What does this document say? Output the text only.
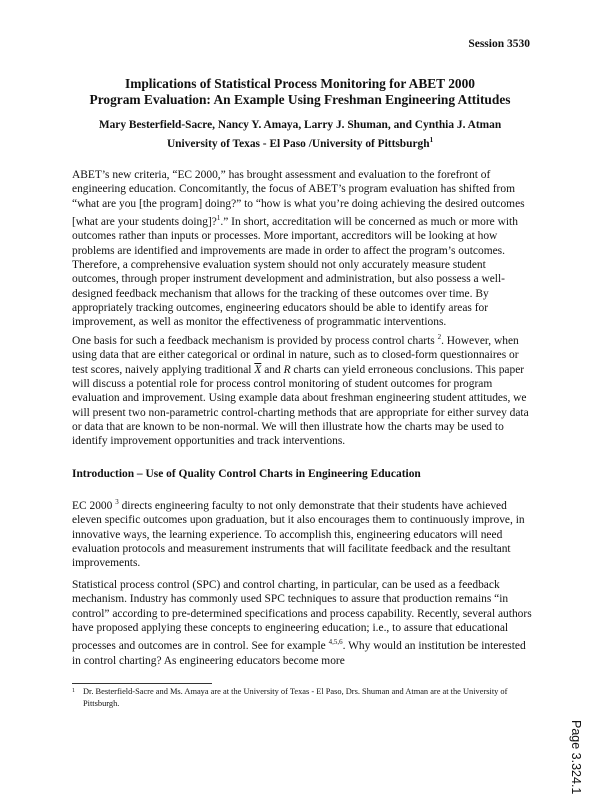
Session 3530
Implications of Statistical Process Monitoring for ABET 2000
Program Evaluation: An Example Using Freshman Engineering Attitudes
Mary Besterfield-Sacre, Nancy Y. Amaya, Larry J. Shuman, and Cynthia J. Atman
University of Texas - El Paso /University of Pittsburgh$^1$
ABET’s new criteria, “EC 2000,” has brought assessment and evaluation to the forefront of engineering education. Concomitantly, the focus of ABET’s program evaluation has shifted from “what are you [the program] doing?” to “how is what you’re doing achieving the desired outcomes [what are your students doing]?$^1$.” In short, accreditation will be concerned as much or more with outcomes rather than inputs or processes. More important, accreditors will be looking at how problems are identified and improvements are made in order to affect the program’s outcomes. Therefore, a comprehensive evaluation system should not only accurately measure student outcomes, through proper instrument development and administration, but also possess a well-designed feedback mechanism that allows for the tracking of these outcomes over time. By appropriately tracking outcomes, engineering educators should be able to identify areas for improvement, as well as monitor the effectiveness of programmatic interventions.
One basis for such a feedback mechanism is provided by process control charts $^2$. However, when using data that are either categorical or ordinal in nature, such as to closed-form questionnaires or test scores, naively applying traditional $\overline{X}$ and R charts can yield erroneous conclusions. This paper will discuss a potential role for process control monitoring of student outcomes for program evaluation and improvement. Using example data about freshman engineering student attitudes, we will present two non-parametric control-charting methods that are appropriate for either survey data or data that are known to be non-normal. We will then illustrate how the charts may be used to identify improvement opportunities and track interventions.
Introduction – Use of Quality Control Charts in Engineering Education
EC 2000 $^3$ directs engineering faculty to not only demonstrate that their students have achieved eleven specific outcomes upon graduation, but it also encourages them to continuously improve, in innovative ways, the learning experience. To accomplish this, engineering educators will need evaluation protocols and measurement instruments that will facilitate feedback and the resultant improvements.
Statistical process control (SPC) and control charting, in particular, can be used as a feedback mechanism. Industry has commonly used SPC techniques to assure that production remains “in control” according to pre-determined specifications and process capability. Recently, several authors have proposed applying these concepts to engineering education; i.e., to assure that educational processes and outcomes are in control. See for example $^{4,5,6}$. Why would an institution be interested in control charting? As engineering educators become more
$^1$ Dr. Besterfield-Sacre and Ms. Amaya are at the University of Texas - El Paso, Drs. Shuman and Atman are at the University of Pittsburgh.
Page 3.324.1
